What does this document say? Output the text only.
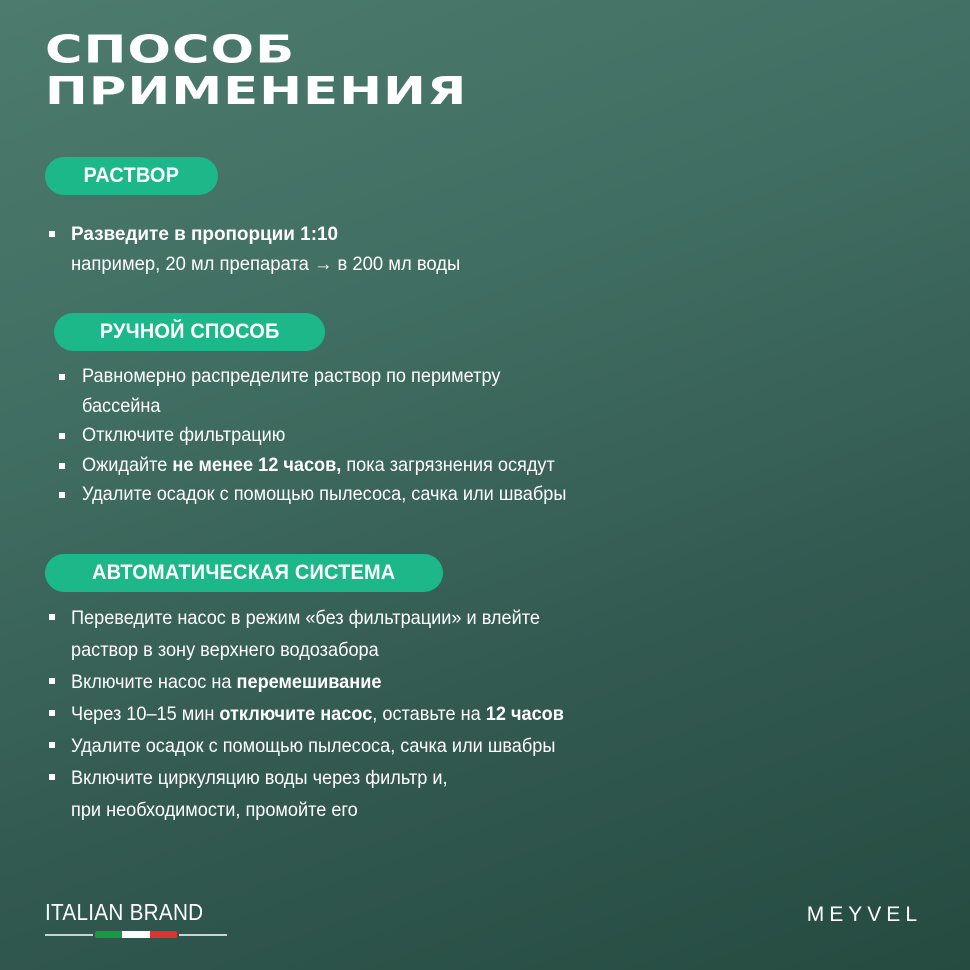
СПОСОБ
ПРИМЕНЕНИЯ
РАСТВОР
Разведите в пропорции 1:10
например, 20 мл препарата → в 200 мл воды
РУЧНОЙ СПОСОБ
Равномерно распределите раствор по периметру
бассейна
Отключите фильтрацию
Ожидайте не менее 12 часов, пока загрязнения осядут
Удалите осадок с помощью пылесоса, сачка или швабры
АВТОМАТИЧЕСКАЯ СИСТЕМА
Переведите насос в режим «без фильтрации» и влейте
раствор в зону верхнего водозабора
Включите насос на перемешивание
Через 10–15 мин отключите насос, оставьте на 12 часов
Удалите осадок с помощью пылесоса, сачка или швабры
Включите циркуляцию воды через фильтр и,
при необходимости, промойте его
ITALIAN BRAND	MEYVEL
